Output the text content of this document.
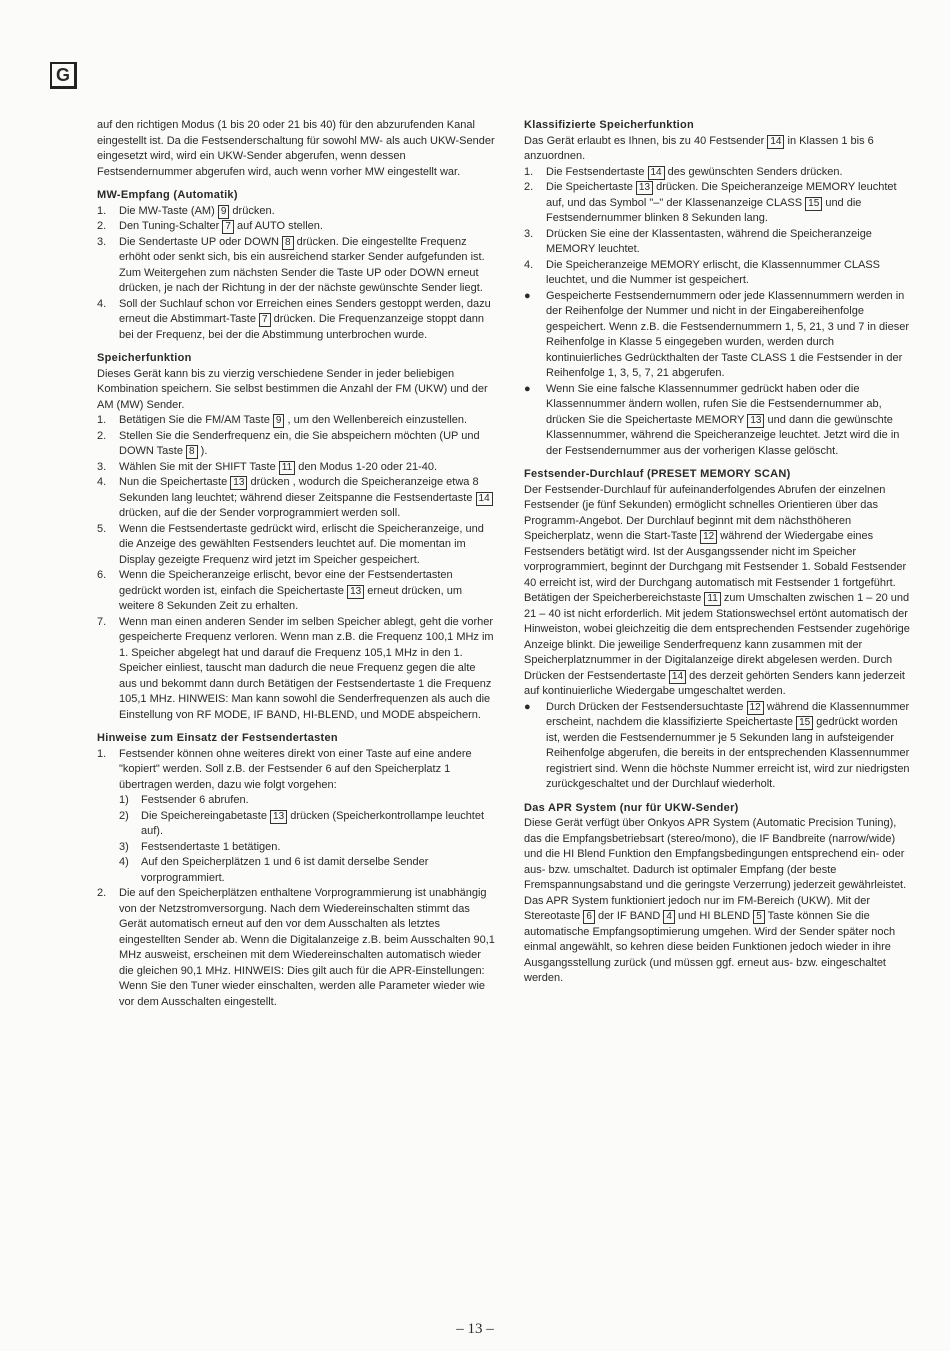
G

auf den richtigen Modus (1 bis 20 oder 21 bis 40) für den abzurufenden Kanal eingestellt ist. Da die Festsenderschaltung für sowohl MW- als auch UKW-Sender eingesetzt wird, wird ein UKW-Sender abgerufen, wenn dessen Festsendernummer abgerufen wird, auch wenn vorher MW eingestellt war.

MW-Empfang (Automatik)

1. Die MW-Taste (AM) 9 drücken.
2. Den Tuning-Schalter 7 auf AUTO stellen.
3. Die Sendertaste UP oder DOWN 8 drücken. Die eingestellte Frequenz erhöht oder senkt sich, bis ein ausreichend starker Sender aufgefunden ist. Zum Weitergehen zum nächsten Sender die Taste UP oder DOWN erneut drücken, je nach der Richtung in der der nächste gewünschte Sender liegt.
4. Soll der Suchlauf schon vor Erreichen eines Senders gestoppt werden, dazu erneut die Abstimmart-Taste 7 drücken. Die Frequenzanzeige stoppt dann bei der Frequenz, bei der die Abstimmung unterbrochen wurde.

Speicherfunktion

Dieses Gerät kann bis zu vierzig verschiedene Sender in jeder beliebigen Kombination speichern. Sie selbst bestimmen die Anzahl der FM (UKW) und der AM (MW) Sender.

1. Betätigen Sie die FM/AM Taste 9 , um den Wellenbereich einzustellen.
2. Stellen Sie die Senderfrequenz ein, die Sie abspeichern möchten (UP und DOWN Taste 8 ).
3. Wählen Sie mit der SHIFT Taste 11 den Modus 1-20 oder 21-40.
4. Nun die Speichertaste 13 drücken , wodurch die Speicheranzeige etwa 8 Sekunden lang leuchtet; während dieser Zeitspanne die Festsendertaste 14 drücken, auf die der Sender vorprogrammiert werden soll.
5. Wenn die Festsendertaste gedrückt wird, erlischt die Speicheranzeige, und die Anzeige des gewählten Festsenders leuchtet auf. Die momentan im Display gezeigte Frequenz wird jetzt im Speicher gespeichert.
6. Wenn die Speicheranzeige erlischt, bevor eine der Festsendertasten gedrückt worden ist, einfach die Speichertaste 13 erneut drücken, um weitere 8 Sekunden Zeit zu erhalten.
7. Wenn man einen anderen Sender im selben Speicher ablegt, geht die vorher gespeicherte Frequenz verloren. Wenn man z.B. die Frequenz 100,1 MHz im 1. Speicher abgelegt hat und darauf die Frequenz 105,1 MHz in den 1. Speicher einliest, tauscht man dadurch die neue Frequenz gegen die alte aus und bekommt dann durch Betätigen der Festsendertaste 1 die Frequenz 105,1 MHz. HINWEIS: Man kann sowohl die Senderfrequenzen als auch die Einstellung von RF MODE, IF BAND, HI-BLEND, und MODE abspeichern.

Hinweise zum Einsatz der Festsendertasten

1. Festsender können ohne weiteres direkt von einer Taste auf eine andere "kopiert" werden. Soll z.B. der Festsender 6 auf den Speicherplatz 1 übertragen werden, dazu wie folgt vorgehen:
1) Festsender 6 abrufen.
2) Die Speichereingabetaste 13 drücken (Speicherkontrollampe leuchtet auf).
3) Festsendertaste 1 betätigen.
4) Auf den Speicherplätzen 1 und 6 ist damit derselbe Sender vorprogrammiert.
2. Die auf den Speicherplätzen enthaltene Vorprogrammierung ist unabhängig von der Netzstromversorgung. Nach dem Wiedereinschalten stimmt das Gerät automatisch erneut auf den vor dem Ausschalten als letztes eingestellten Sender ab. Wenn die Digitalanzeige z.B. beim Ausschalten 90,1 MHz ausweist, erscheinen mit dem Wiedereinschalten automatisch wieder die gleichen 90,1 MHz. HINWEIS: Dies gilt auch für die APR-Einstellungen: Wenn Sie den Tuner wieder einschalten, werden alle Parameter wieder wie vor dem Ausschalten eingestellt.

Klassifizierte Speicherfunktion

Das Gerät erlaubt es Ihnen, bis zu 40 Festsender 14 in Klassen 1 bis 6 anzuordnen.

1. Die Festsendertaste 14 des gewünschten Senders drücken.
2. Die Speichertaste 13 drücken. Die Speicheranzeige MEMORY leuchtet auf, und das Symbol "–" der Klassenanzeige CLASS 15 und die Festsendernummer blinken 8 Sekunden lang.
3. Drücken Sie eine der Klassentasten, während die Speicheranzeige MEMORY leuchtet.
4. Die Speicheranzeige MEMORY erlischt, die Klassennummer CLASS leuchtet, und die Nummer ist gespeichert.
● Gespeicherte Festsendernummern oder jede Klassennummern werden in der Reihenfolge der Nummer und nicht in der Eingabereihenfolge gespeichert. Wenn z.B. die Festsendernummern 1, 5, 21, 3 und 7 in dieser Reihenfolge in Klasse 5 eingegeben wurden, werden durch kontinuierliches Gedrückthalten der Taste CLASS 1 die Festsender in der Reihenfolge 1, 3, 5, 7, 21 abgerufen.
● Wenn Sie eine falsche Klassennummer gedrückt haben oder die Klassennummer ändern wollen, rufen Sie die Festsendernummer ab, drücken Sie die Speichertaste MEMORY 13 und dann die gewünschte Klassennummer, während die Speicheranzeige leuchtet. Jetzt wird die in der Festsendernummer aus der vorherigen Klasse gelöscht.

Festsender-Durchlauf (PRESET MEMORY SCAN)

Der Festsender-Durchlauf für aufeinanderfolgendes Abrufen der einzelnen Festsender (je fünf Sekunden) ermöglicht schnelles Orientieren über das Programm-Angebot. Der Durchlauf beginnt mit dem nächsthöheren Speicherplatz, wenn die Start-Taste 12 während der Wiedergabe eines Festsenders betätigt wird. Ist der Ausgangssender nicht im Speicher vorprogrammiert, beginnt der Durchgang mit Festsender 1. Sobald Festsender 40 erreicht ist, wird der Durchgang automatisch mit Festsender 1 fortgeführt. Betätigen der Speicherbereichstaste 11 zum Umschalten zwischen 1 – 20 und 21 – 40 ist nicht erforderlich. Mit jedem Stationswechsel ertönt automatisch der Hinweiston, wobei gleichzeitig die dem entsprechenden Festsender zugehörige Anzeige blinkt. Die jeweilige Senderfrequenz kann zusammen mit der Speicherplatznummer in der Digitalanzeige direkt abgelesen werden. Durch Drücken der Festsendertaste 14 des derzeit gehörten Senders kann jederzeit auf kontinuierliche Wiedergabe umgeschaltet werden.

● Durch Drücken der Festsendersuchtaste 12 während die Klassennummer erscheint, nachdem die klassifizierte Speichertaste 15 gedrückt worden ist, werden die Festsendernummer je 5 Sekunden lang in aufsteigender Reihenfolge abgerufen, die bereits in der entsprechenden Klassennummer registriert sind. Wenn die höchste Nummer erreicht ist, wird zur niedrigsten zurückgeschaltet und der Durchlauf wiederholt.

Das APR System (nur für UKW-Sender)

Diese Gerät verfügt über Onkyos APR System (Automatic Precision Tuning), das die Empfangsbetriebsart (stereo/mono), die IF Bandbreite (narrow/wide) und die HI Blend Funktion den Empfangsbedingungen entsprechend ein- oder aus- bzw. umschaltet. Dadurch ist optimaler Empfang (der beste Fremspannungsabstand und die geringste Verzerrung) jederzeit gewährleistet. Das APR System funktioniert jedoch nur im FM-Bereich (UKW). Mit der Stereotaste 6 der IF BAND 4 und HI BLEND 5 Taste können Sie die automatische Empfangsoptimierung umgehen. Wird der Sender später noch einmal angewählt, so kehren diese beiden Funktionen jedoch wieder in ihre Ausgangsstellung zurück (und müssen ggf. erneut aus- bzw. eingeschaltet werden.

– 13 –
